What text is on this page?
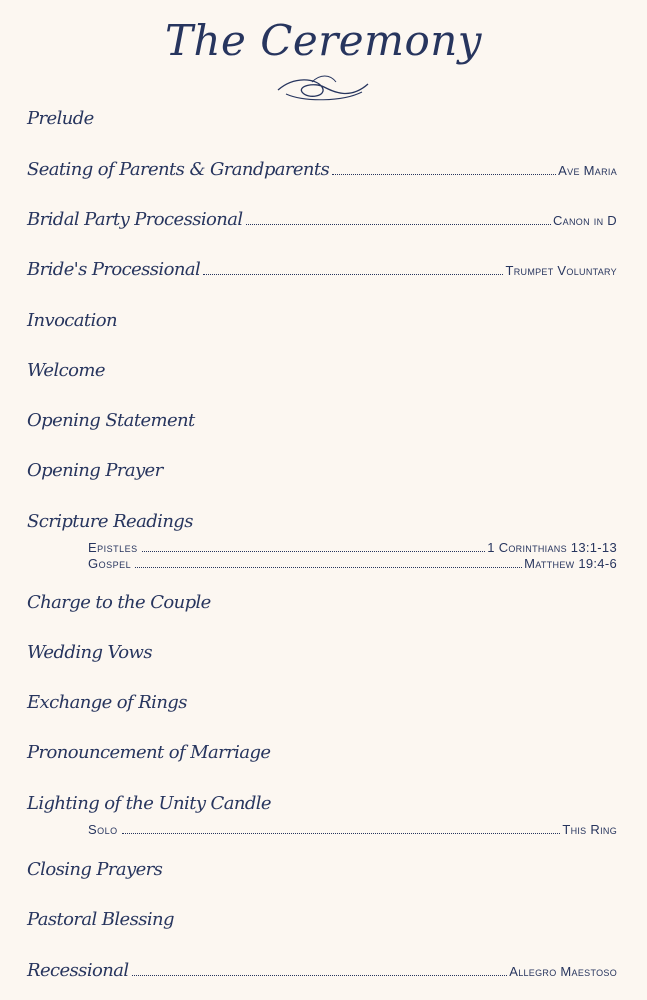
The Ceremony
Prelude
Seating of Parents & Grandparents	Ave Maria
Bridal Party Processional	Canon in D
Bride's Processional	Trumpet Voluntary
Invocation
Welcome
Opening Statement
Opening Prayer
Scripture Readings
Epistles	1 Corinthians 13:1-13
Gospel	Matthew 19:4-6
Charge to the Couple
Wedding Vows
Exchange of Rings
Pronouncement of Marriage
Lighting of the Unity Candle
Solo	This Ring
Closing Prayers
Pastoral Blessing
Recessional	Allegro Maestoso
